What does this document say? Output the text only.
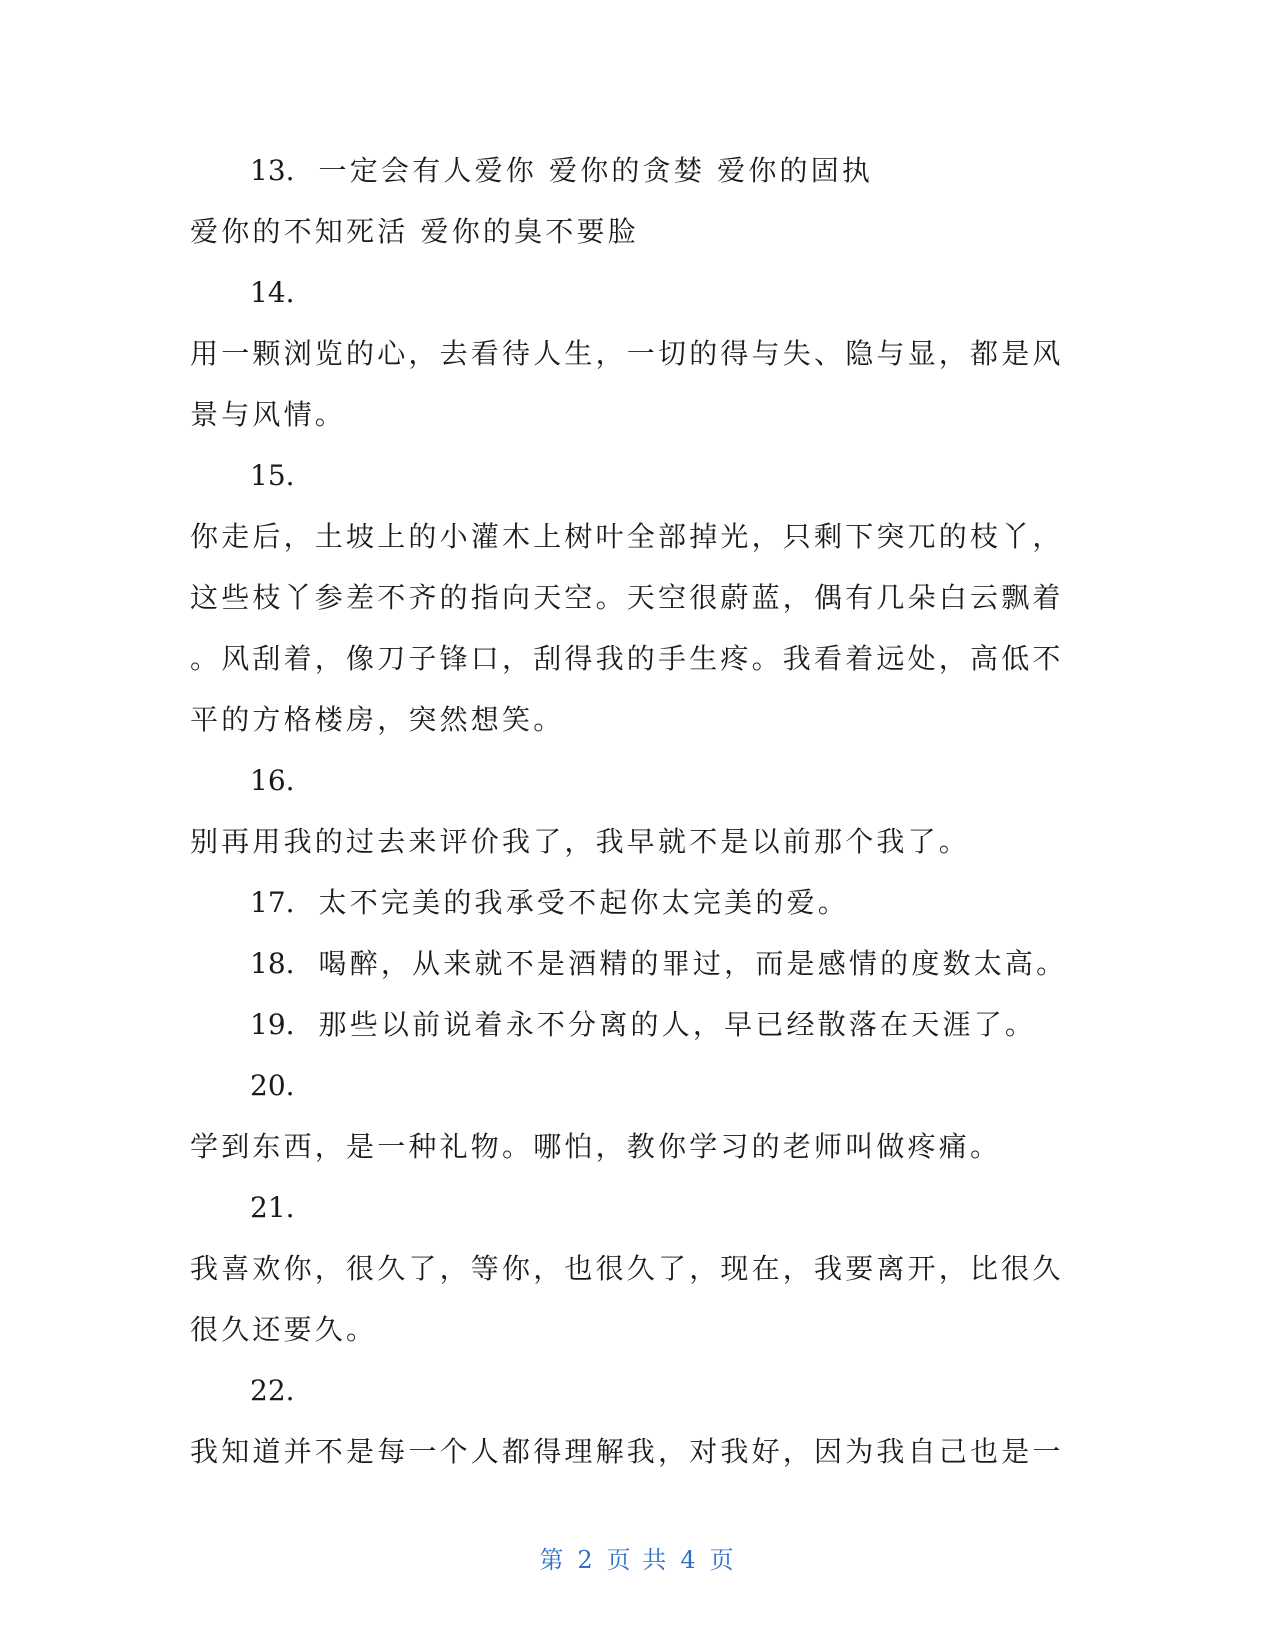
13. 一定会有人爱你 爱你的贪婪 爱你的固执
爱你的不知死活 爱你的臭不要脸
14.
用一颗浏览的心，去看待人生，一切的得与失、隐与显，都是风
景与风情。
15.
你走后，土坡上的小灌木上树叶全部掉光，只剩下突兀的枝丫，
这些枝丫参差不齐的指向天空。天空很蔚蓝，偶有几朵白云飘着
。风刮着，像刀子锋口，刮得我的手生疼。我看着远处，高低不
平的方格楼房，突然想笑。
16.
别再用我的过去来评价我了，我早就不是以前那个我了。
17. 太不完美的我承受不起你太完美的爱。
18. 喝醉，从来就不是酒精的罪过，而是感情的度数太高。
19. 那些以前说着永不分离的人，早已经散落在天涯了。
20.
学到东西，是一种礼物。哪怕，教你学习的老师叫做疼痛。
21.
我喜欢你，很久了，等你，也很久了，现在，我要离开，比很久
很久还要久。
22.
我知道并不是每一个人都得理解我，对我好，因为我自己也是一
第 2 页 共 4 页
